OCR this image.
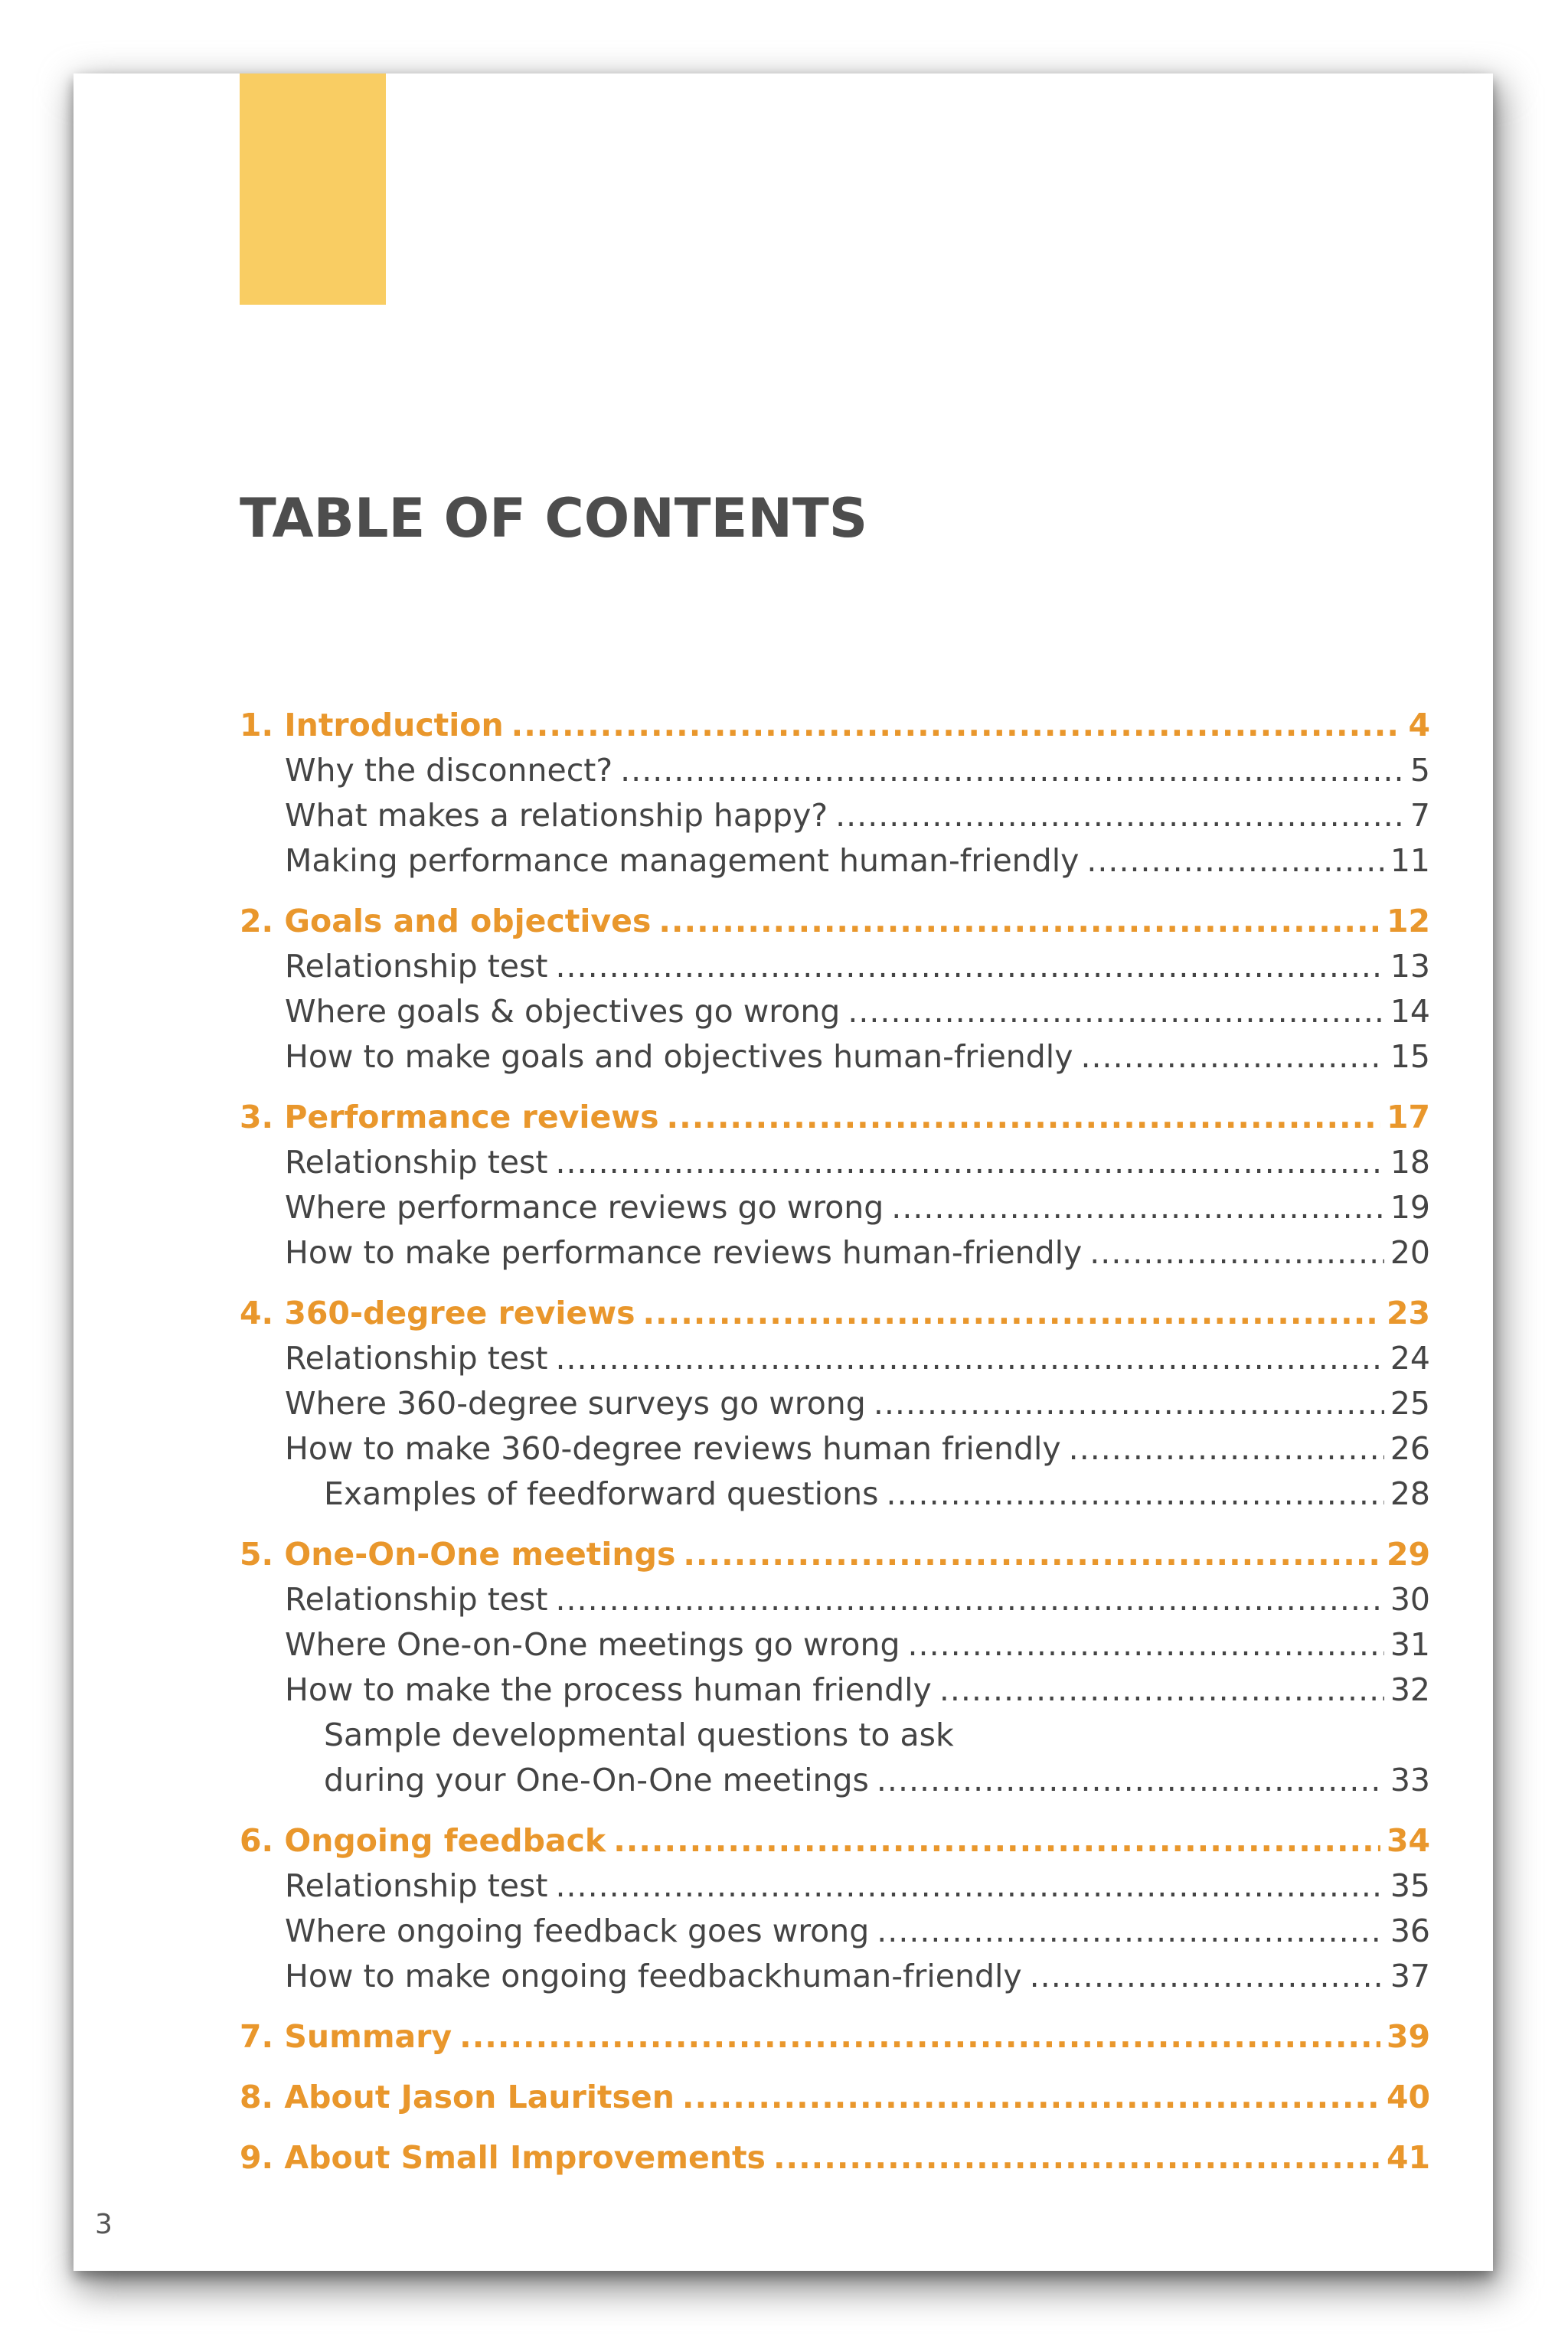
TABLE OF CONTENTS
1. Introduction .....	4
Why the disconnect? .....	5
What makes a relationship happy? .....	7
Making performance management human-friendly .....	11
2. Goals and objectives .....	12
Relationship test .....	13
Where goals & objectives go wrong .....	14
How to make goals and objectives human-friendly .....	15
3. Performance reviews .....	17
Relationship test .....	18
Where performance reviews go wrong .....	19
How to make performance reviews human-friendly .....	20
4. 360-degree reviews .....	23
Relationship test .....	24
Where 360-degree surveys go wrong .....	25
How to make 360-degree reviews human friendly .....	26
Examples of feedforward questions .....	28
5. One-On-One meetings .....	29
Relationship test .....	30
Where One-on-One meetings go wrong .....	31
How to make the process human friendly .....	32
Sample developmental questions to ask
during your One-On-One meetings .....	33
6. Ongoing feedback .....	34
Relationship test .....	35
Where ongoing feedback goes wrong .....	36
How to make ongoing feedbackhuman-friendly .....	37
7. Summary .....	39
8. About Jason Lauritsen .....	40
9. About Small Improvements .....	41
3
